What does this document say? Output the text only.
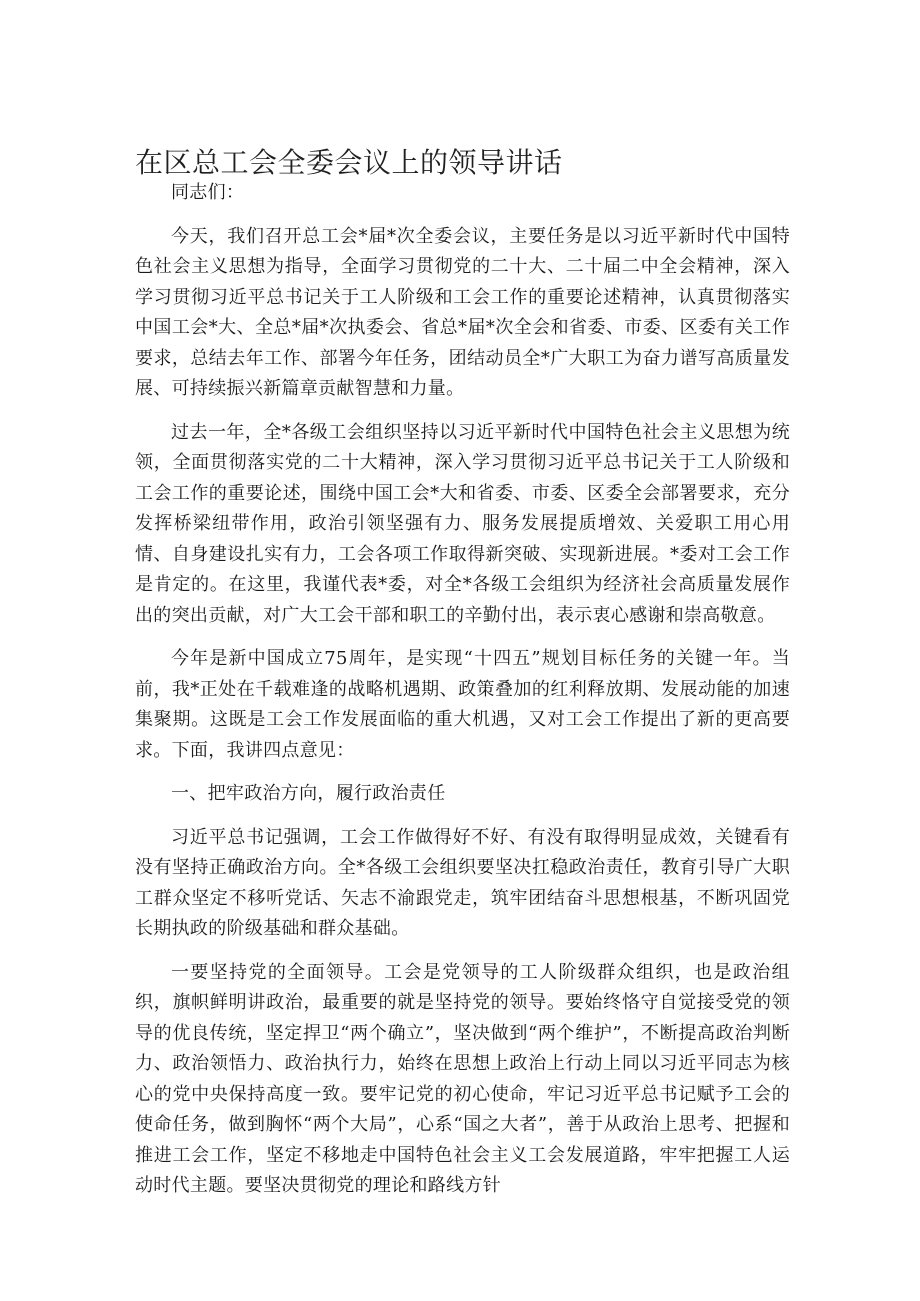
在区总工会全委会议上的领导讲话

同志们：

今天，我们召开总工会*届*次全委会议，主要任务是以习近平新时代中国特色社会主义思想为指导，全面学习贯彻党的二十大、二十届二中全会精神，深入学习贯彻习近平总书记关于工人阶级和工会工作的重要论述精神，认真贯彻落实中国工会*大、全总*届*次执委会、省总*届*次全会和省委、市委、区委有关工作要求，总结去年工作、部署今年任务，团结动员全*广大职工为奋力谱写高质量发展、可持续振兴新篇章贡献智慧和力量。

过去一年，全*各级工会组织坚持以习近平新时代中国特色社会主义思想为统领，全面贯彻落实党的二十大精神，深入学习贯彻习近平总书记关于工人阶级和工会工作的重要论述，围绕中国工会*大和省委、市委、区委全会部署要求，充分发挥桥梁纽带作用，政治引领坚强有力、服务发展提质增效、关爱职工用心用情、自身建设扎实有力，工会各项工作取得新突破、实现新进展。*委对工会工作是肯定的。在这里，我谨代表*委，对全*各级工会组织为经济社会高质量发展作出的突出贡献，对广大工会干部和职工的辛勤付出，表示衷心感谢和崇高敬意。

今年是新中国成立75周年，是实现“十四五”规划目标任务的关键一年。当前，我*正处在千载难逢的战略机遇期、政策叠加的红利释放期、发展动能的加速集聚期。这既是工会工作发展面临的重大机遇，又对工会工作提出了新的更高要求。下面，我讲四点意见：

一、把牢政治方向，履行政治责任

习近平总书记强调，工会工作做得好不好、有没有取得明显成效，关键看有没有坚持正确政治方向。全*各级工会组织要坚决扛稳政治责任，教育引导广大职工群众坚定不移听党话、矢志不渝跟党走，筑牢团结奋斗思想根基，不断巩固党长期执政的阶级基础和群众基础。

一要坚持党的全面领导。工会是党领导的工人阶级群众组织，也是政治组织，旗帜鲜明讲政治，最重要的就是坚持党的领导。要始终恪守自觉接受党的领导的优良传统，坚定捍卫“两个确立”，坚决做到“两个维护”，不断提高政治判断力、政治领悟力、政治执行力，始终在思想上政治上行动上同以习近平同志为核心的党中央保持高度一致。要牢记党的初心使命，牢记习近平总书记赋予工会的使命任务，做到胸怀“两个大局”，心系“国之大者”，善于从政治上思考、把握和推进工会工作，坚定不移地走中国特色社会主义工会发展道路，牢牢把握工人运动时代主题。要坚决贯彻党的理论和路线方针
